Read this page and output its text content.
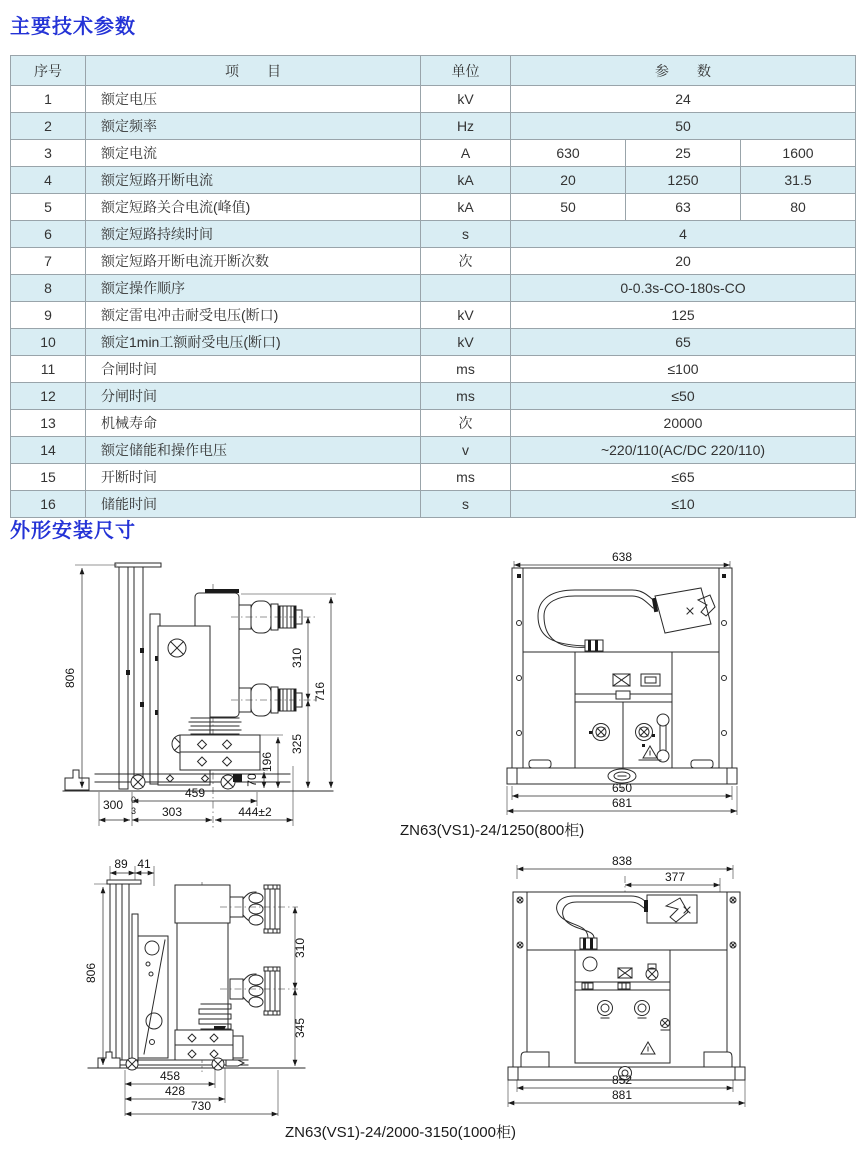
主要技术参数
序号	项　　目	单位	参　　数		
1	额定电压	kV	24		
2	额定频率	Hz	50		
3	额定电流	A	630	25	1600
4	额定短路开断电流	kA	20	1250	31.5
5	额定短路关合电流(峰值)	kA	50	63	80
6	额定短路持续时间	s	4		
7	额定短路开断电流开断次数	次	20		
8	额定操作顺序		0-0.3s-CO-180s-CO		
9	额定雷电冲击耐受电压(断口)	kV	125		
10	额定1min工额耐受电压(断口)	kV	65		
11	合闸时间	ms	≤100		
12	分闸时间	ms	≤50		
13	机械寿命	次	20000		
14	额定储能和操作电压	v	~220/110(AC/DC 220/110)		
15	开断时间	ms	≤65		
16	储能时间	s	≤10		
外形安装尺寸
806
310
325
716
196
70
300 0
3
459
303	444±2
638
650
681
ZN63(VS1)-24/1250(800柜)
89 41
806
310
345
458
428
730
838
377
852
881
ZN63(VS1)-24/2000-3150(1000柜)
